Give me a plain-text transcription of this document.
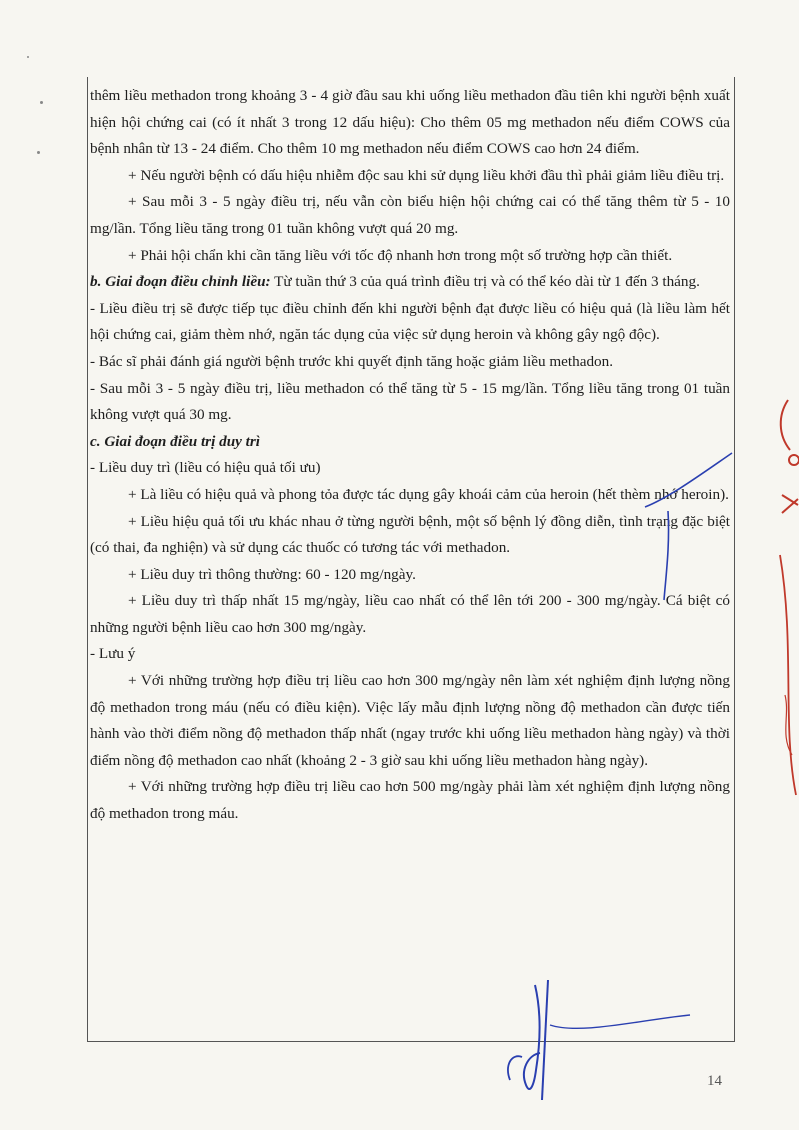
thêm liều methadon trong khoảng 3 - 4 giờ đầu sau khi uống liều methadon đầu tiên khi người bệnh xuất hiện hội chứng cai (có ít nhất 3 trong 12 dấu hiệu): Cho thêm 05 mg methadon nếu điểm COWS của bệnh nhân từ 13 - 24 điểm. Cho thêm 10 mg methadon nếu điểm COWS cao hơn 24 điểm.

+ Nếu người bệnh có dấu hiệu nhiễm độc sau khi sử dụng liều khởi đầu thì phải giảm liều điều trị.

+ Sau mỗi 3 - 5 ngày điều trị, nếu vẫn còn biểu hiện hội chứng cai có thể tăng thêm từ 5 - 10 mg/lần. Tổng liều tăng trong 01 tuần không vượt quá 20 mg.

+ Phải hội chẩn khi cần tăng liều với tốc độ nhanh hơn trong một số trường hợp cần thiết.

b. Giai đoạn điều chỉnh liều: Từ tuần thứ 3 của quá trình điều trị và có thể kéo dài từ 1 đến 3 tháng.

- Liều điều trị sẽ được tiếp tục điều chỉnh đến khi người bệnh đạt được liều có hiệu quả (là liều làm hết hội chứng cai, giảm thèm nhớ, ngăn tác dụng của việc sử dụng heroin và không gây ngộ độc).

- Bác sĩ phải đánh giá người bệnh trước khi quyết định tăng hoặc giảm liều methadon.

- Sau mỗi 3 - 5 ngày điều trị, liều methadon có thể tăng từ 5 - 15 mg/lần. Tổng liều tăng trong 01 tuần không vượt quá 30 mg.

c. Giai đoạn điều trị duy trì

- Liều duy trì (liều có hiệu quả tối ưu)

+ Là liều có hiệu quả và phong tỏa được tác dụng gây khoái cảm của heroin (hết thèm nhớ heroin).

+ Liều hiệu quả tối ưu khác nhau ở từng người bệnh, một số bệnh lý đồng diễn, tình trạng đặc biệt (có thai, đa nghiện) và sử dụng các thuốc có tương tác với methadon.

+ Liều duy trì thông thường: 60 - 120 mg/ngày.

+ Liều duy trì thấp nhất 15 mg/ngày, liều cao nhất có thể lên tới 200 - 300 mg/ngày. Cá biệt có những người bệnh liều cao hơn 300 mg/ngày.

- Lưu ý

+ Với những trường hợp điều trị liều cao hơn 300 mg/ngày nên làm xét nghiệm định lượng nồng độ methadon trong máu (nếu có điều kiện). Việc lấy mẫu định lượng nồng độ methadon cần được tiến hành vào thời điểm nồng độ methadon thấp nhất (ngay trước khi uống liều methadon hàng ngày) và thời điểm nồng độ methadon cao nhất (khoảng 2 - 3 giờ sau khi uống liều methadon hàng ngày).

+ Với những trường hợp điều trị liều cao hơn 500 mg/ngày phải làm xét nghiệm định lượng nồng độ methadon trong máu.

14
